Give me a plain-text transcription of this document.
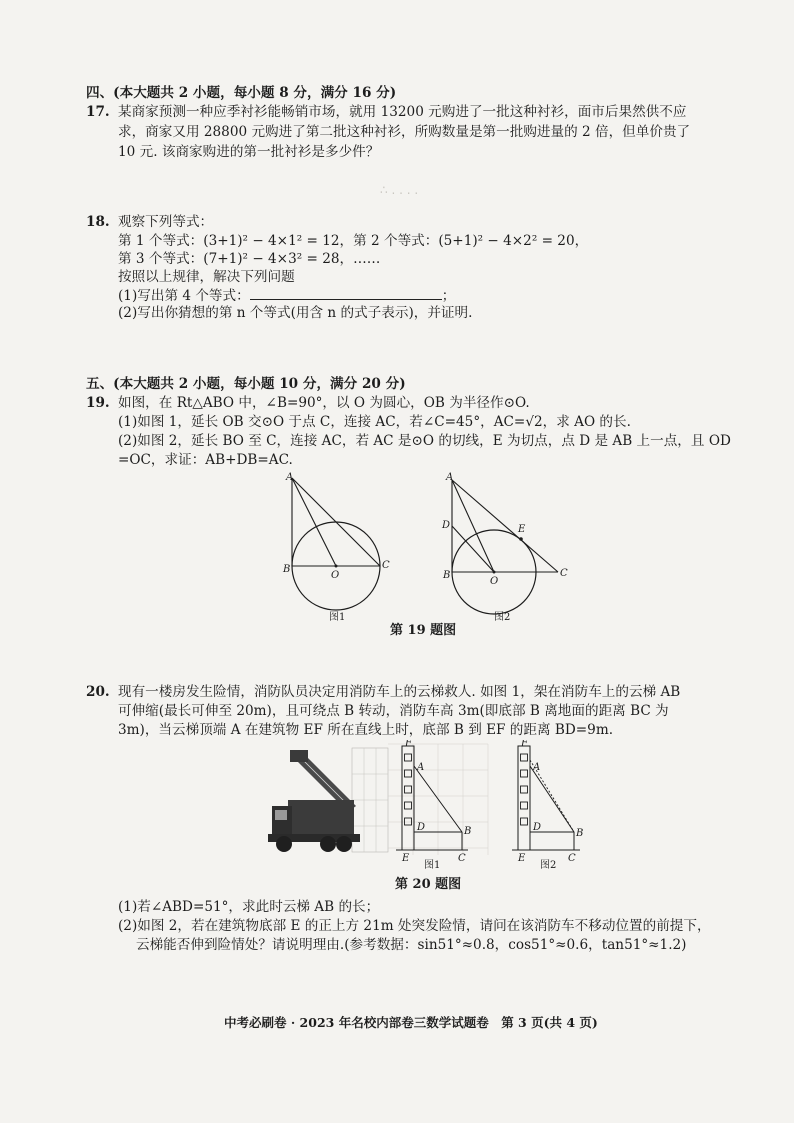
∴ . . . .
四、(本大题共 2 小题，每小题 8 分，满分 16 分)
17. 某商家预测一种应季衬衫能畅销市场，就用 13200 元购进了一批这种衬衫，面市后果然供不应
求，商家又用 28800 元购进了第二批这种衬衫，所购数量是第一批购进量的 2 倍，但单价贵了
10 元. 该商家购进的第一批衬衫是多少件？
18. 观察下列等式：
第 1 个等式：(3+1)² − 4×1² = 12，第 2 个等式：(5+1)² − 4×2² = 20，
第 3 个等式：(7+1)² − 4×3² = 28，……
按照以上规律，解决下列问题
(1)写出第 4 个等式：	；
(2)写出你猜想的第 n 个等式(用含 n 的式子表示)，并证明.
五、(本大题共 2 小题，每小题 10 分，满分 20 分)
19. 如图，在 Rt△ABO 中，∠B=90°，以 O 为圆心，OB 为半径作⊙O.
(1)如图 1，延长 OB 交⊙O 于点 C，连接 AC，若∠C=45°，AC=√2，求 AO 的长.
(2)如图 2，延长 BO 至 C，连接 AC，若 AC 是⊙O 的切线，E 为切点，点 D 是 AB 上一点，且 OD
=OC，求证：AB+DB=AC.
A
B
O
C
图1
A
D	E
B
O
C
图2
第 19 题图
20. 现有一楼房发生险情，消防队员决定用消防车上的云梯救人. 如图 1，架在消防车上的云梯 AB
可伸缩(最长可伸至 20m)，且可绕点 B 转动，消防车高 3m(即底部 B 离地面的距离 BC 为
3m)，当云梯顶端 A 在建筑物 EF 所在直线上时，底部 B 到 EF 的距离 BD=9m.
F
A
D	B
E	C
图1
F
A
D
B
E	C
图2
第 20 题图
(1)若∠ABD=51°，求此时云梯 AB 的长；
(2)如图 2，若在建筑物底部 E 的正上方 21m 处突发险情，请问在该消防车不移动位置的前提下，
云梯能否伸到险情处？请说明理由.(参考数据：sin51°≈0.8，cos51°≈0.6，tan51°≈1.2)

中考必刷卷 · 2023 年名校内部卷三数学试题卷　第 3 页(共 4 页)
